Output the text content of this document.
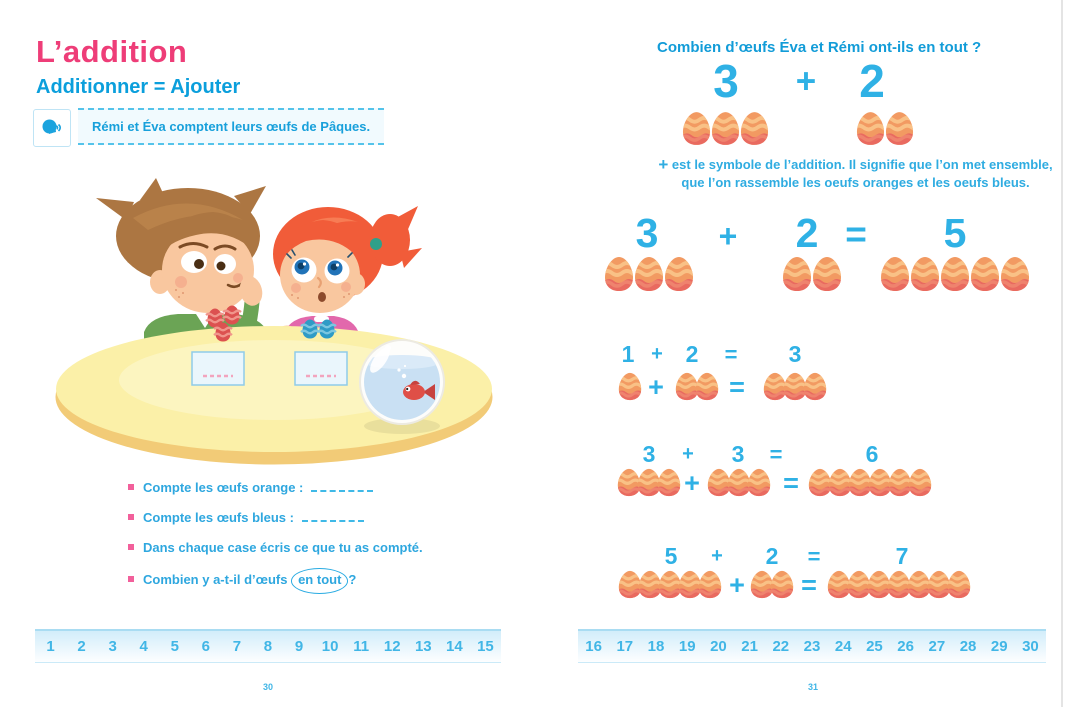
L’addition
Additionner = Ajouter
Rémi et Éva comptent leurs œufs de Pâques.
Compte les œufs orange :
Compte les œufs bleus :
Dans chaque case écris ce que tu as compté.
Combien y a-t-il d’œufs en tout ?
1	2	3	4	5	6	7	8	9	10 11 12 13 14 15
30
Combien d’œufs Éva et Rémi ont-ils en tout ?
3 + 2
+ est le symbole de l’addition. Il signifie que l’on met ensemble,
que l’on rassemble les oeufs oranges et les oeufs bleus.
3	+	2 = 5
1 + 2	=	3
+ =
3	+	3	=	6
+	=
5	+	2	=	7
+ =
16 17 18 19 20 21 22 23 24 25 26 27 28 29 30
31
